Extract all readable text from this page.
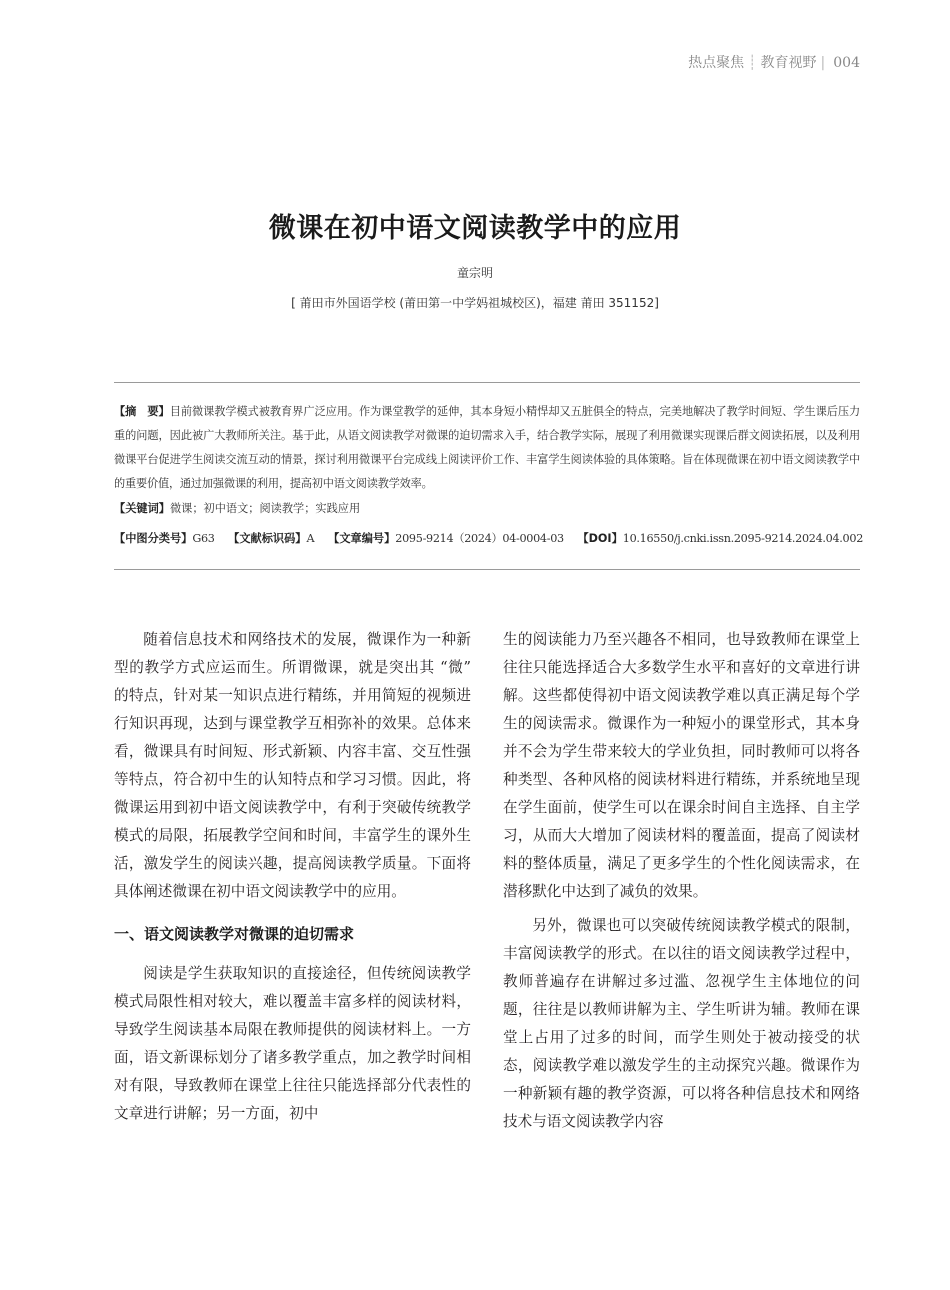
热点聚焦 ┊ 教育视野 | 004
微课在初中语文阅读教学中的应用
童宗明
[ 莆田市外国语学校 (莆田第一中学妈祖城校区)，福建 莆田 351152]
【摘　要】目前微课教学模式被教育界广泛应用。作为课堂教学的延伸，其本身短小精悍却又五脏俱全的特点，完美地解决了教学时间短、学生课后压力重的问题，因此被广大教师所关注。基于此，从语文阅读教学对微课的迫切需求入手，结合教学实际，展现了利用微课实现课后群文阅读拓展，以及利用微课平台促进学生阅读交流互动的情景，探讨利用微课平台完成线上阅读评价工作、丰富学生阅读体验的具体策略。旨在体现微课在初中语文阅读教学中的重要价值，通过加强微课的利用，提高初中语文阅读教学效率。
【关键词】微课；初中语文；阅读教学；实践应用
【中图分类号】G63 【文献标识码】A 【文章编号】2095-9214（2024）04-0004-03 【DOI】10.16550/j.cnki.issn.2095-9214.2024.04.002

随着信息技术和网络技术的发展，微课作为一种新型的教学方式应运而生。所谓微课，就是突出其 “微” 的特点，针对某一知识点进行精练，并用简短的视频进行知识再现，达到与课堂教学互相弥补的效果。总体来看，微课具有时间短、形式新颖、内容丰富、交互性强等特点，符合初中生的认知特点和学习习惯。因此，将微课运用到初中语文阅读教学中，有利于突破传统教学模式的局限，拓展教学空间和时间，丰富学生的课外生活，激发学生的阅读兴趣，提高阅读教学质量。下面将具体阐述微课在初中语文阅读教学中的应用。

一、语文阅读教学对微课的迫切需求

阅读是学生获取知识的直接途径，但传统阅读教学模式局限性相对较大，难以覆盖丰富多样的阅读材料，导致学生阅读基本局限在教师提供的阅读材料上。一方面，语文新课标划分了诸多教学重点，加之教学时间相对有限，导致教师在课堂上往往只能选择部分代表性的文章进行讲解；另一方面，初中

生的阅读能力乃至兴趣各不相同，也导致教师在课堂上往往只能选择适合大多数学生水平和喜好的文章进行讲解。这些都使得初中语文阅读教学难以真正满足每个学生的阅读需求。微课作为一种短小的课堂形式，其本身并不会为学生带来较大的学业负担，同时教师可以将各种类型、各种风格的阅读材料进行精练，并系统地呈现在学生面前，使学生可以在课余时间自主选择、自主学习，从而大大增加了阅读材料的覆盖面，提高了阅读材料的整体质量，满足了更多学生的个性化阅读需求，在潜移默化中达到了减负的效果。

另外，微课也可以突破传统阅读教学模式的限制，丰富阅读教学的形式。在以往的语文阅读教学过程中，教师普遍存在讲解过多过滥、忽视学生主体地位的问题，往往是以教师讲解为主、学生听讲为辅。教师在课堂上占用了过多的时间，而学生则处于被动接受的状态，阅读教学难以激发学生的主动探究兴趣。微课作为一种新颖有趣的教学资源，可以将各种信息技术和网络技术与语文阅读教学内容
